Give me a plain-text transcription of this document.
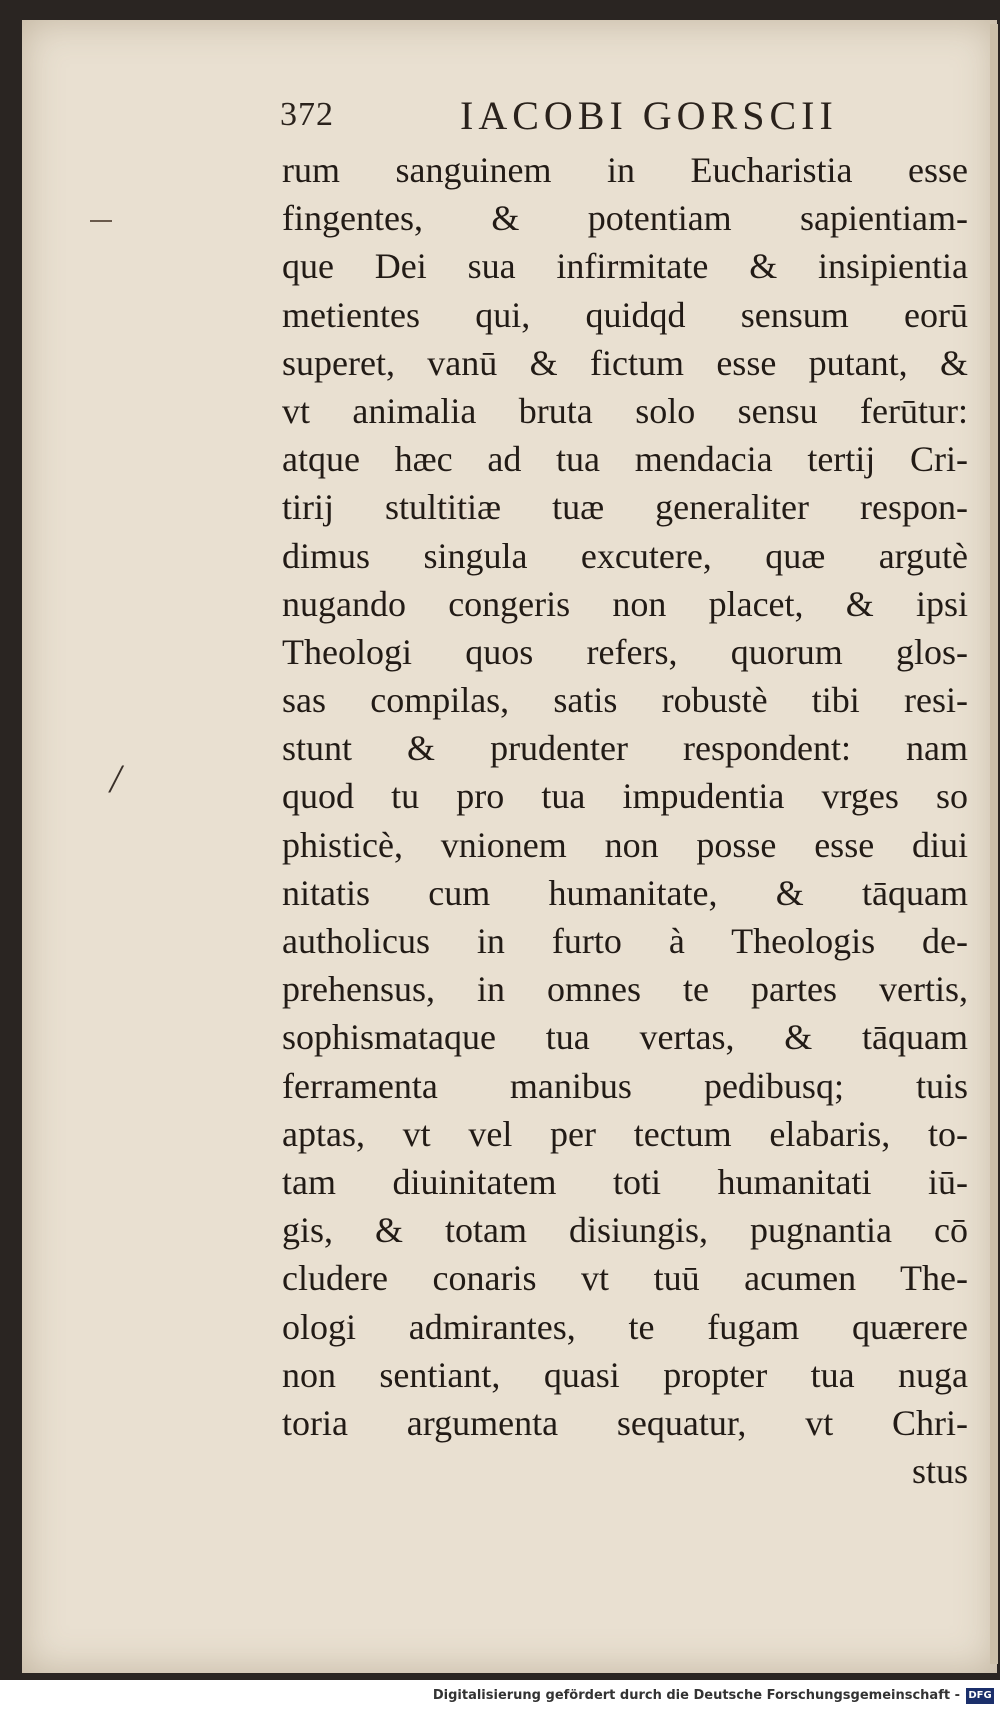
372	IACOBI GORSCII
/
rum sanguinem in Eucharistia esse
fingentes, & potentiam sapientiam-
que Dei sua infirmitate & insipientia
metientes qui, quidqd sensum eorū
superet, vanū & fictum esse putant, &
vt animalia bruta solo sensu ferūtur:
atque hæc ad tua mendacia tertij Cri-
tirij stultitiæ tuæ generaliter respon-
dimus singula excutere, quæ argutè
nugando congeris non placet, & ipsi
Theologi quos refers, quorum glos-
sas compilas, satis robustè tibi resi-
stunt & prudenter respondent: nam
quod tu pro tua impudentia vrges so
phisticè, vnionem non posse esse diui
nitatis cum humanitate, & tāquam
autholicus in furto à Theologis de-
prehensus, in omnes te partes vertis,
sophismataque tua vertas, & tāquam
ferramenta manibus pedibusq; tuis
aptas, vt vel per tectum elabaris, to-
tam diuinitatem toti humanitati iū-
gis, & totam disiungis, pugnantia cō
cludere conaris vt tuū acumen The-
ologi admirantes, te fugam quærere
non sentiant, quasi propter tua nuga
toria argumenta sequatur, vt Chri-
stus
Digitalisierung gefördert durch die Deutsche Forschungsgemeinschaft - DFG
